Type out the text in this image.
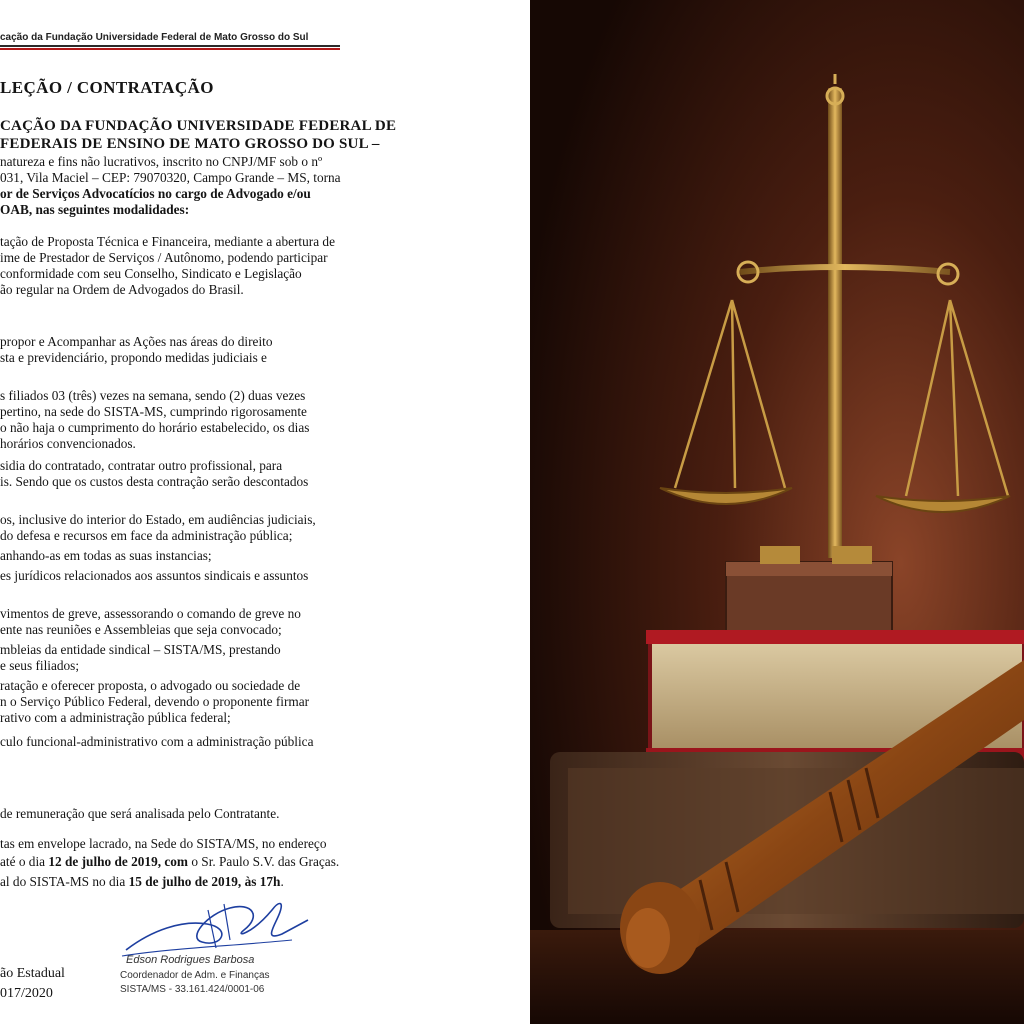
cação da Fundação Universidade Federal de Mato Grosso do Sul
LEÇÃO / CONTRATAÇÃO
CAÇÃO DA FUNDAÇÃO UNIVERSIDADE FEDERAL DE
FEDERAIS DE ENSINO DE MATO GROSSO DO SUL –
natureza e fins não lucrativos, inscrito no CNPJ/MF sob o nº
031, Vila Maciel – CEP: 79070320, Campo Grande – MS, torna
or de Serviços Advocatícios no cargo de Advogado e/ou
OAB, nas seguintes modalidades:
tação de Proposta Técnica e Financeira, mediante a abertura de
ime de Prestador de Serviços / Autônomo, podendo participar
conformidade com seu Conselho, Sindicato e Legislação
ão regular na Ordem de Advogados do Brasil.
propor e Acompanhar as Ações nas áreas do direito
sta e previdenciário, propondo medidas judiciais e
s filiados 03 (três) vezes na semana, sendo (2) duas vezes
pertino, na sede do SISTA-MS, cumprindo rigorosamente
o não haja o cumprimento do horário estabelecido, os dias
horários convencionados.
sidia do contratado, contratar outro profissional, para
is. Sendo que os custos desta contração serão descontados
os, inclusive do interior do Estado, em audiências judiciais,
do defesa e recursos em face da administração pública;
anhando-as em todas as suas instancias;
es jurídicos relacionados aos assuntos sindicais e assuntos
vimentos de greve, assessorando o comando de greve no
ente nas reuniões e Assembleias que seja convocado;
mbleias da entidade sindical – SISTA/MS, prestando
e seus filiados;
ratação e oferecer proposta, o advogado ou sociedade de
n o Serviço Público Federal, devendo o proponente firmar
rativo com a administração pública federal;
culo funcional-administrativo com a administração pública
de remuneração que será analisada pelo Contratante.
tas em envelope lacrado, na Sede do SISTA/MS, no endereço
até o dia 12 de julho de 2019, com o Sr. Paulo S.V. das Graças.
al do SISTA-MS no dia 15 de julho de 2019, às 17h.
ão Estadual
017/2020
Edson Rodrigues Barbosa
Coordenador de Adm. e Finanças
SISTA/MS - 33.161.424/0001-06
